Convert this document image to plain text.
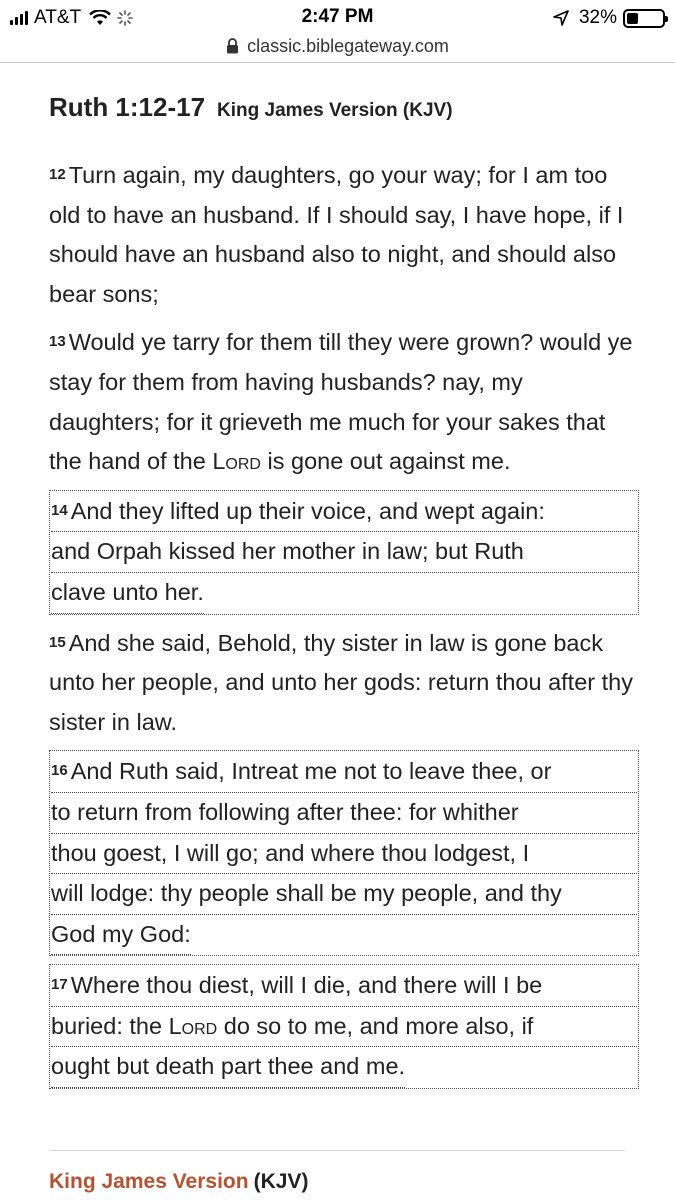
AT&T	2:47 PM	32%
classic.biblegateway.com
Ruth 1:12-17 King James Version (KJV)

$^{12}$ Turn again, my daughters, go your way; for I am too old to have an husband. If I should say, I have hope, if I should have an husband also to night, and should also bear sons;

$^{13}$ Would ye tarry for them till they were grown? would ye stay for them from having husbands? nay, my daughters; for it grieveth me much for your sakes that the hand of the Lord is gone out against me.

$^{14}$ And they lifted up their voice, and wept again:
and Orpah kissed her mother in law; but Ruth
clave unto her.

$^{15}$ And she said, Behold, thy sister in law is gone back unto her people, and unto her gods: return thou after thy sister in law.

$^{16}$ And Ruth said, Intreat me not to leave thee, or
to return from following after thee: for whither
thou goest, I will go; and where thou lodgest, I
will lodge: thy people shall be my people, and thy
God my God:
$^{17}$ Where thou diest, will I die, and there will I be
buried: the Lord do so to me, and more also, if
ought but death part thee and me.
King James Version (KJV)
